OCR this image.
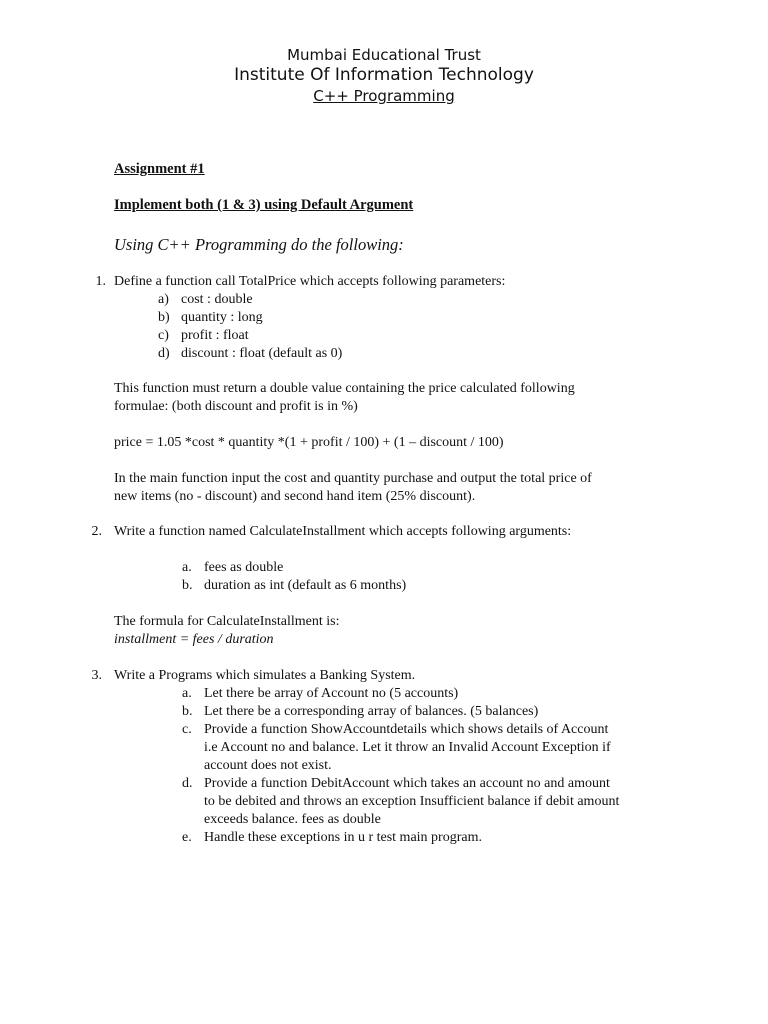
Mumbai Educational Trust
Institute Of Information Technology
C++ Programming
Assignment #1
Implement both (1 & 3) using Default Argument
Using C++ Programming do the following:
1. Define a function call TotalPrice which accepts following parameters:
a) cost : double
b) quantity : long
c) profit : float
d) discount : float (default as 0)
This function must return a double value containing the price calculated following
formulae: (both discount and profit is in %)
price = 1.05 *cost * quantity *(1 + profit / 100) + (1 – discount / 100)
In the main function input the cost and quantity purchase and output the total price of
new items (no - discount) and second hand item (25% discount).
2. Write a function named CalculateInstallment which accepts following arguments:
a. fees as double
b. duration as int (default as 6 months)
The formula for CalculateInstallment is:
installment = fees / duration
3. Write a Programs which simulates a Banking System.
a. Let there be array of Account no (5 accounts)
b. Let there be a corresponding array of balances. (5 balances)
c. Provide a function ShowAccountdetails which shows details of Account
i.e Account no and balance. Let it throw an Invalid Account Exception if
account does not exist.
d. Provide a function DebitAccount which takes an account no and amount
to be debited and throws an exception Insufficient balance if debit amount
exceeds balance. fees as double
e. Handle these exceptions in u r test main program.
